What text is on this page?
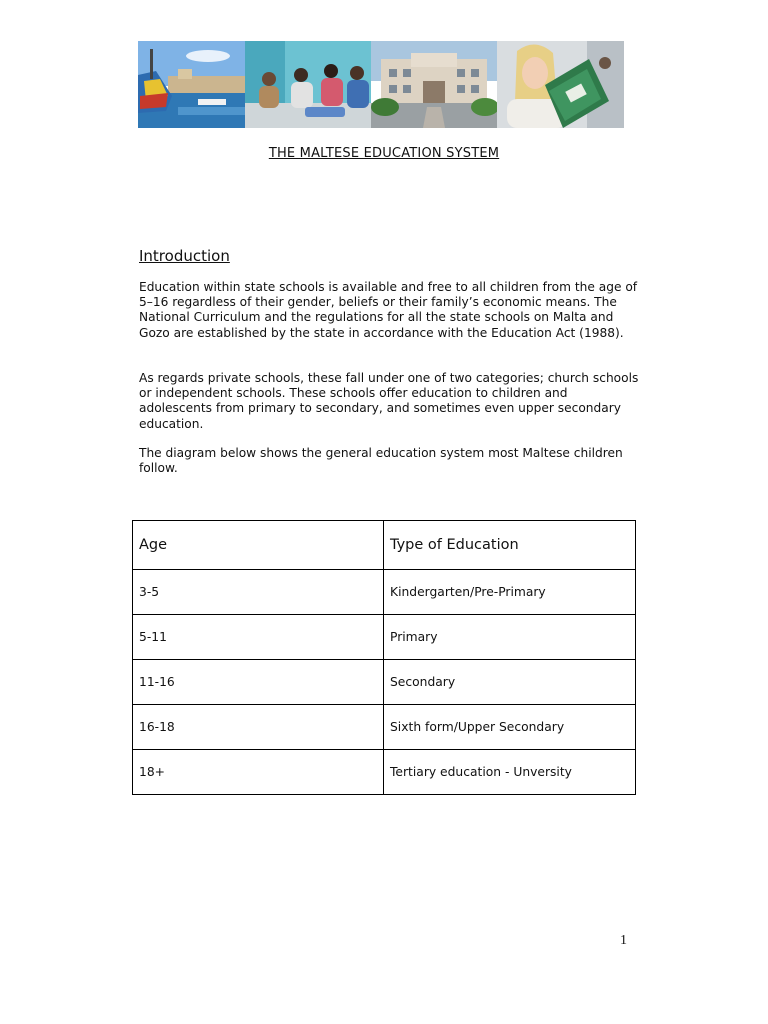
THE MALTESE EDUCATION SYSTEM
Introduction

Education within state schools is available and free to all children from the age of 5–16 regardless of their gender, beliefs or their family’s economic means. The National Curriculum and the regulations for all the state schools on Malta and Gozo are established by the state in accordance with the Education Act (1988).

As regards private schools, these fall under one of two categories; church schools or independent schools. These schools offer education to children and adolescents from primary to secondary, and sometimes even upper secondary education.

The diagram below shows the general education system most Maltese children follow.

Age	Type of Education
3-5	Kindergarten/Pre-Primary
5-11	Primary
11-16	Secondary
16-18	Sixth form/Upper Secondary
18+	Tertiary education - Unversity
1
